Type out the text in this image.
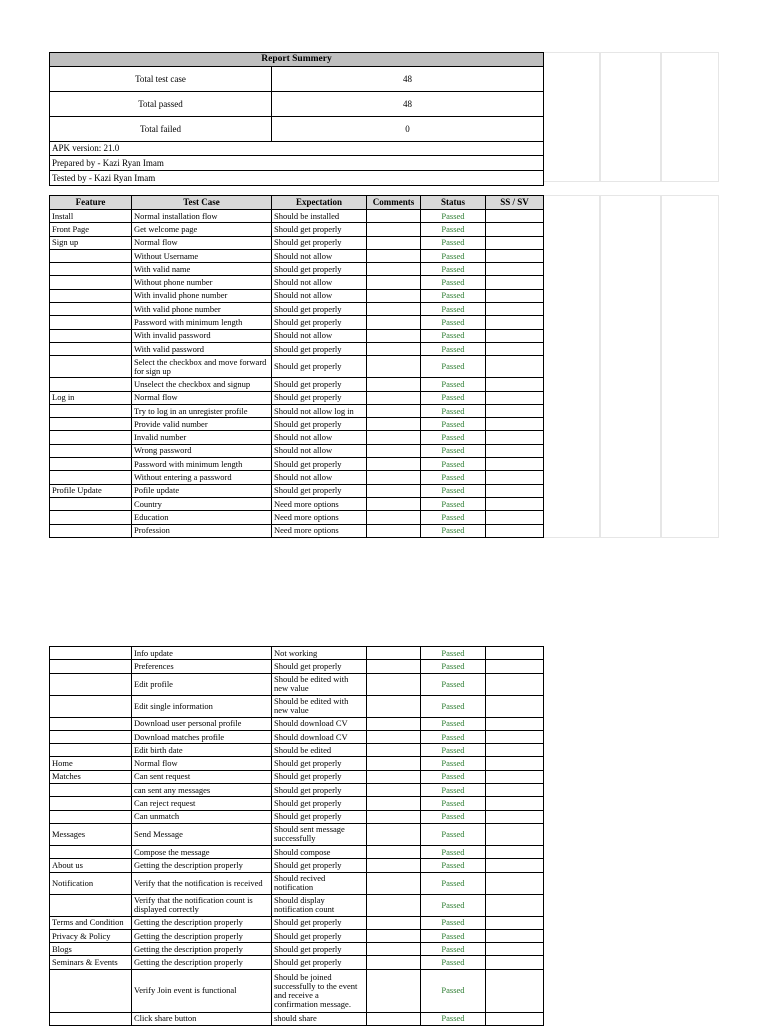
Report Summery	
Total test case	48
Total passed	48
Total failed	0
APK version: 21.0	
Prepared by - Kazi Ryan Imam	
Tested by - Kazi Ryan Imam	
Feature	Test Case	Expectation	Comments	Status	SS / SV
Install	Normal installation flow	Should be installed		Passed	
Front Page	Get welcome page	Should get properly		Passed	
Sign up	Normal flow	Should get properly		Passed	
	Without Username	Should not allow		Passed	
	With valid name	Should get properly		Passed	
	Without phone number	Should not allow		Passed	
	With invalid phone number	Should not allow		Passed	
	With valid phone number	Should get properly		Passed	
	Password with minimum length	Should get properly		Passed	
	With invalid password	Should not allow		Passed	
	With valid password	Should get properly		Passed	
	Select the checkbox and move forward for sign up	Should get properly		Passed	
	Unselect the checkbox and signup	Should get properly		Passed	
Log in	Normal flow	Should get properly		Passed	
	Try to log in an unregister profile	Should not allow log in		Passed	
	Provide valid number	Should get properly		Passed	
	Invalid number	Should not allow		Passed	
	Wrong password	Should not allow		Passed	
	Password with minimum length	Should get properly		Passed	
	Without entering a password	Should not allow		Passed	
Profile Update	Pofile update	Should get properly		Passed	
	Country	Need more options		Passed	
	Education	Need more options		Passed	
	Profession	Need more options		Passed	
	Info update	Not working		Passed	
	Preferences	Should get properly		Passed	
	Edit profile	Should be edited with new value		Passed	
	Edit single information	Should be edited with new value		Passed	
	Download user personal profile	Should download CV		Passed	
	Download matches profile	Should download CV		Passed	
	Edit birth date	Should be edited		Passed	
Home	Normal flow	Should get properly		Passed	
Matches	Can sent request	Should get properly		Passed	
	can sent any messages	Should get properly		Passed	
	Can reject request	Should get properly		Passed	
	Can unmatch	Should get properly		Passed	
Messages	Send Message	Should sent message successfully		Passed	
	Compose the message	Should compose		Passed	
About us	Getting the description properly	Should get properly		Passed	
Notification	Verify that the notification is received	Should recived notification		Passed	
	Verify that the notification count is displayed correctly	Should display notification count		Passed	
Terms and Condition	Getting the description properly	Should get properly		Passed	
Privacy & Policy	Getting the description properly	Should get properly		Passed	
Blogs	Getting the description properly	Should get properly		Passed	
Seminars & Events	Getting the description properly	Should get properly		Passed	
	Verify Join event is functional	Should be joined successfully to the event and receive a confirmation message.		Passed	
	Click share button	should share		Passed	
